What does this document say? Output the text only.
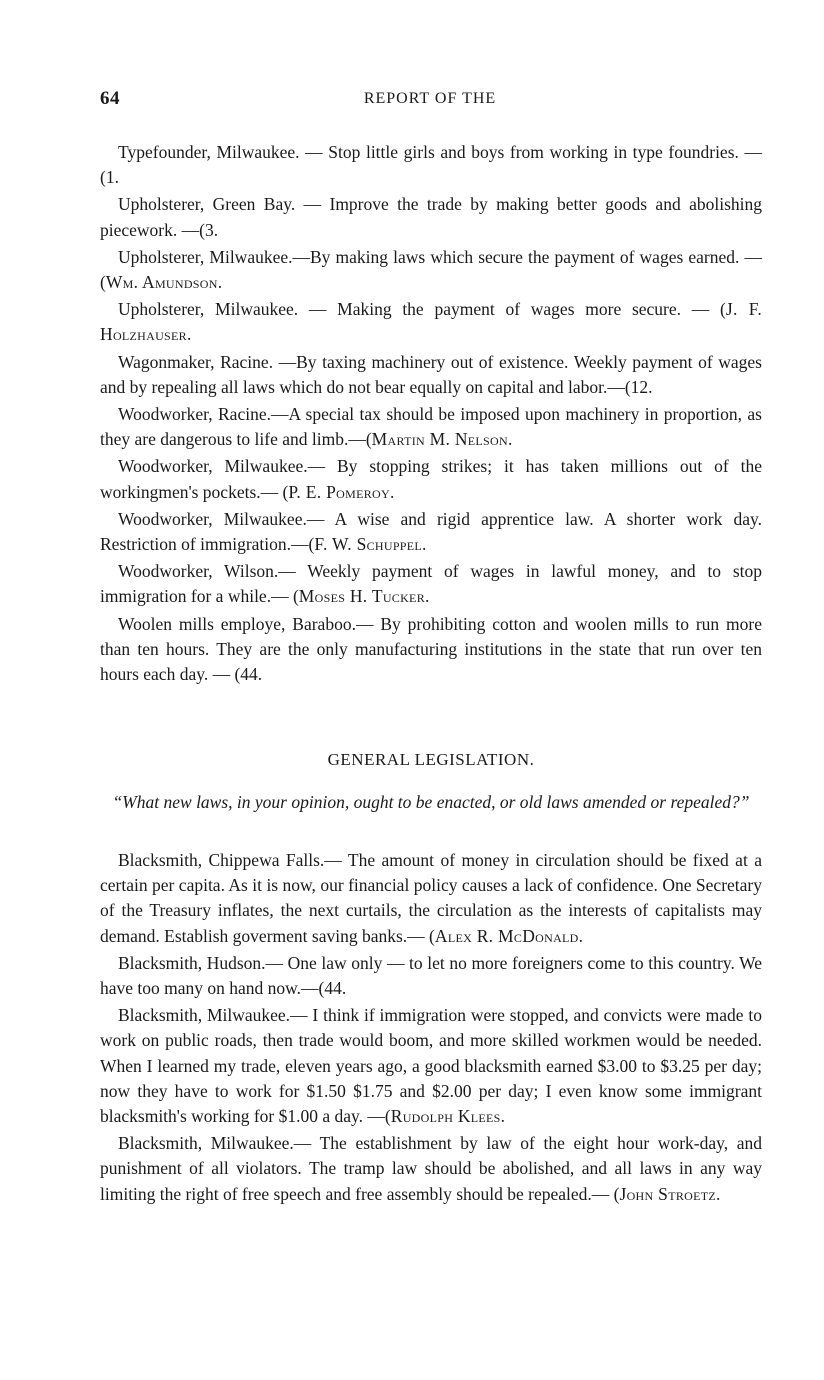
64	REPORT OF THE

Typefounder, Milwaukee. — Stop little girls and boys from working in type foundries. —(1.

Upholsterer, Green Bay. — Improve the trade by making better goods and abolishing piecework. —(3.

Upholsterer, Milwaukee.—By making laws which secure the payment of wages earned. —(Wm. Amundson.

Upholsterer, Milwaukee. — Making the payment of wages more secure. — (J. F. Holzhauser.

Wagonmaker, Racine. —By taxing machinery out of existence. Weekly payment of wages and by repealing all laws which do not bear equally on capital and labor.—(12.

Woodworker, Racine.—A special tax should be imposed upon machinery in proportion, as they are dangerous to life and limb.—(Martin M. Nelson.

Woodworker, Milwaukee.— By stopping strikes; it has taken millions out of the workingmen's pockets.— (P. E. Pomeroy.

Woodworker, Milwaukee.— A wise and rigid apprentice law. A shorter work day. Restriction of immigration.—(F. W. Schuppel.

Woodworker, Wilson.— Weekly payment of wages in lawful money, and to stop immigration for a while.— (Moses H. Tucker.

Woolen mills employe, Baraboo.— By prohibiting cotton and woolen mills to run more than ten hours. They are the only manufacturing institutions in the state that run over ten hours each day. — (44.

GENERAL LEGISLATION.
“What new laws, in your opinion, ought to be enacted, or old laws amended or repealed?”

Blacksmith, Chippewa Falls.— The amount of money in circulation should be fixed at a certain per capita. As it is now, our financial policy causes a lack of confidence. One Secretary of the Treasury inflates, the next curtails, the circulation as the interests of capitalists may demand. Establish goverment saving banks.— (Alex R. McDonald.

Blacksmith, Hudson.— One law only — to let no more foreigners come to this country. We have too many on hand now.—(44.

Blacksmith, Milwaukee.— I think if immigration were stopped, and convicts were made to work on public roads, then trade would boom, and more skilled workmen would be needed. When I learned my trade, eleven years ago, a good blacksmith earned $3.00 to $3.25 per day; now they have to work for $1.50 $1.75 and $2.00 per day; I even know some immigrant blacksmith's working for $1.00 a day. —(Rudolph Klees.

Blacksmith, Milwaukee.— The establishment by law of the eight hour work-day, and punishment of all violators. The tramp law should be abolished, and all laws in any way limiting the right of free speech and free assembly should be repealed.— (John Stroetz.
